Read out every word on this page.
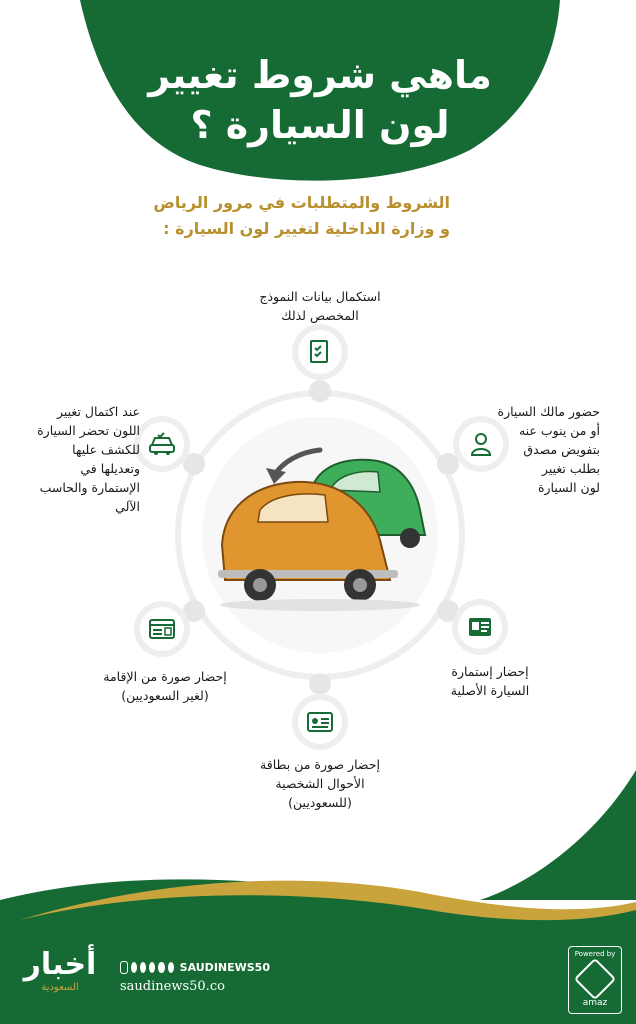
ماهي شروط تغيير
لون السيارة ؟
الشروط والمتطلبات في مرور الرياض
و وزارة الداخلية لتغيير لون السيارة :
استكمال بيانات النموذج
المخصص لذلك
حضور مالك السيارة
أو من ينوب عنه
بتفويض مصدق
بطلب تغيير
لون السيارة
إحضار إستمارة
السيارة الأصلية
إحضار صورة من بطاقة
الأحوال الشخصية
(للسعوديين)
إحضار صورة من الإقامة
(لغير السعوديين)
عند اكتمال تغيير
اللون تحضر السيارة
للكشف عليها
وتعديلها في
الإستمارة والحاسب
الآلي
أخبار
السعودية
SAUDINEWS50
saudinews50.co
Powered by
amaz
